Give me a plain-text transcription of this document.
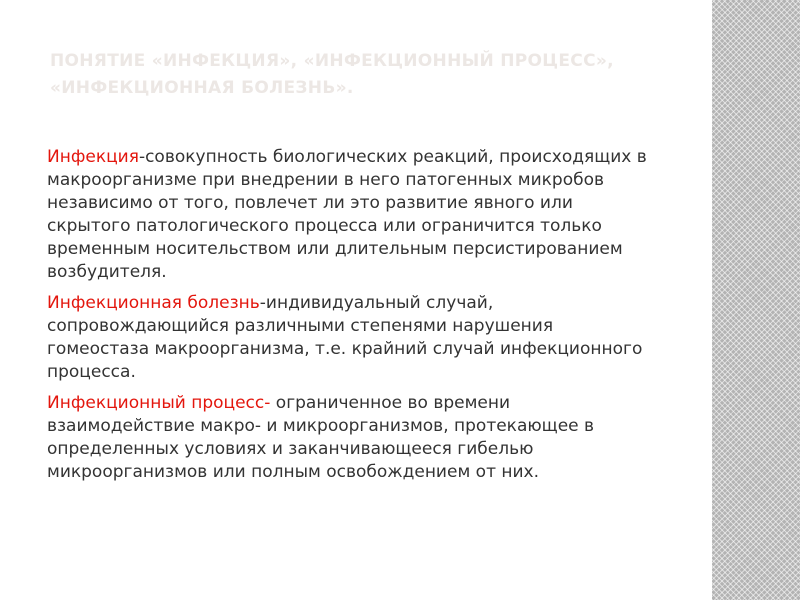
ПОНЯТИЕ «ИНФЕКЦИЯ», «ИНФЕКЦИОННЫЙ ПРОЦЕСС»,
«ИНФЕКЦИОННАЯ БОЛЕЗНЬ».

Инфекция-совокупность биологических реакций, происходящих в макроорганизме при внедрении в него патогенных микробов независимо от того, повлечет ли это развитие явного или скрытого патологического процесса или ограничится только временным носительством или длительным персистированием возбудителя.

Инфекционная болезнь-индивидуальный случай, сопровождающийся различными степенями нарушения гомеостаза макроорганизма, т.е. крайний случай инфекционного процесса.

Инфекционный процесс- ограниченное во времени взаимодействие макро- и микроорганизмов, протекающее в определенных условиях и заканчивающееся гибелью микроорганизмов или полным освобождением от них.
